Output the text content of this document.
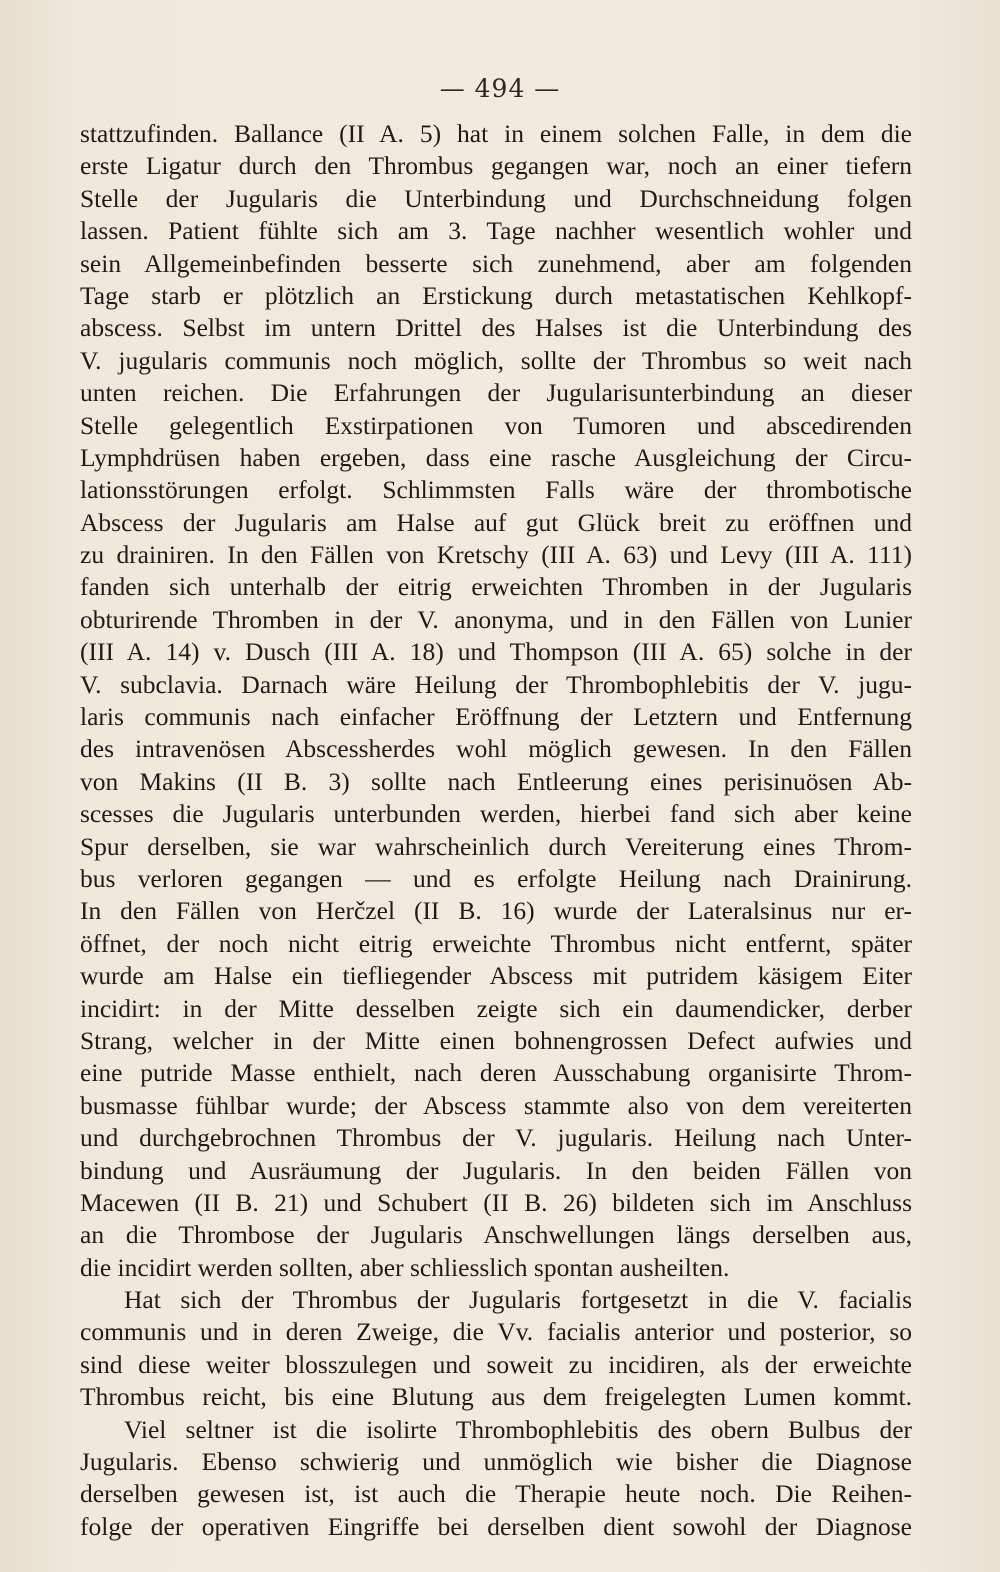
— 494 —
stattzufinden. Ballance (II A. 5) hat in einem solchen Falle, in dem die
erste Ligatur durch den Thrombus gegangen war, noch an einer tiefern
Stelle der Jugularis die Unterbindung und Durchschneidung folgen
lassen. Patient fühlte sich am 3. Tage nachher wesentlich wohler und
sein Allgemeinbefinden besserte sich zunehmend, aber am folgenden
Tage starb er plötzlich an Erstickung durch metastatischen Kehlkopf-
abscess. Selbst im untern Drittel des Halses ist die Unterbindung des
V. jugularis communis noch möglich, sollte der Thrombus so weit nach
unten reichen. Die Erfahrungen der Jugularisunterbindung an dieser
Stelle gelegentlich Exstirpationen von Tumoren und abscedirenden
Lymphdrüsen haben ergeben, dass eine rasche Ausgleichung der Circu-
lationsstörungen erfolgt. Schlimmsten Falls wäre der thrombotische
Abscess der Jugularis am Halse auf gut Glück breit zu eröffnen und
zu drainiren. In den Fällen von Kretschy (III A. 63) und Levy (III A. 111)
fanden sich unterhalb der eitrig erweichten Thromben in der Jugularis
obturirende Thromben in der V. anonyma, und in den Fällen von Lunier
(III A. 14) v. Dusch (III A. 18) und Thompson (III A. 65) solche in der
V. subclavia. Darnach wäre Heilung der Thrombophlebitis der V. jugu-
laris communis nach einfacher Eröffnung der Letztern und Entfernung
des intravenösen Abscessherdes wohl möglich gewesen. In den Fällen
von Makins (II B. 3) sollte nach Entleerung eines perisinuösen Ab-
scesses die Jugularis unterbunden werden, hierbei fand sich aber keine
Spur derselben, sie war wahrscheinlich durch Vereiterung eines Throm-
bus verloren gegangen — und es erfolgte Heilung nach Drainirung.
In den Fällen von Herčzel (II B. 16) wurde der Lateralsinus nur er-
öffnet, der noch nicht eitrig erweichte Thrombus nicht entfernt, später
wurde am Halse ein tiefliegender Abscess mit putridem käsigem Eiter
incidirt: in der Mitte desselben zeigte sich ein daumendicker, derber
Strang, welcher in der Mitte einen bohnengrossen Defect aufwies und
eine putride Masse enthielt, nach deren Ausschabung organisirte Throm-
busmasse fühlbar wurde; der Abscess stammte also von dem vereiterten
und durchgebrochnen Thrombus der V. jugularis. Heilung nach Unter-
bindung und Ausräumung der Jugularis. In den beiden Fällen von
Macewen (II B. 21) und Schubert (II B. 26) bildeten sich im Anschluss
an die Thrombose der Jugularis Anschwellungen längs derselben aus,
die incidirt werden sollten, aber schliesslich spontan ausheilten.
Hat sich der Thrombus der Jugularis fortgesetzt in die V. facialis
communis und in deren Zweige, die Vv. facialis anterior und posterior, so
sind diese weiter blosszulegen und soweit zu incidiren, als der erweichte
Thrombus reicht, bis eine Blutung aus dem freigelegten Lumen kommt.
Viel seltner ist die isolirte Thrombophlebitis des obern Bulbus der
Jugularis. Ebenso schwierig und unmöglich wie bisher die Diagnose
derselben gewesen ist, ist auch die Therapie heute noch. Die Reihen-
folge der operativen Eingriffe bei derselben dient sowohl der Diagnose
